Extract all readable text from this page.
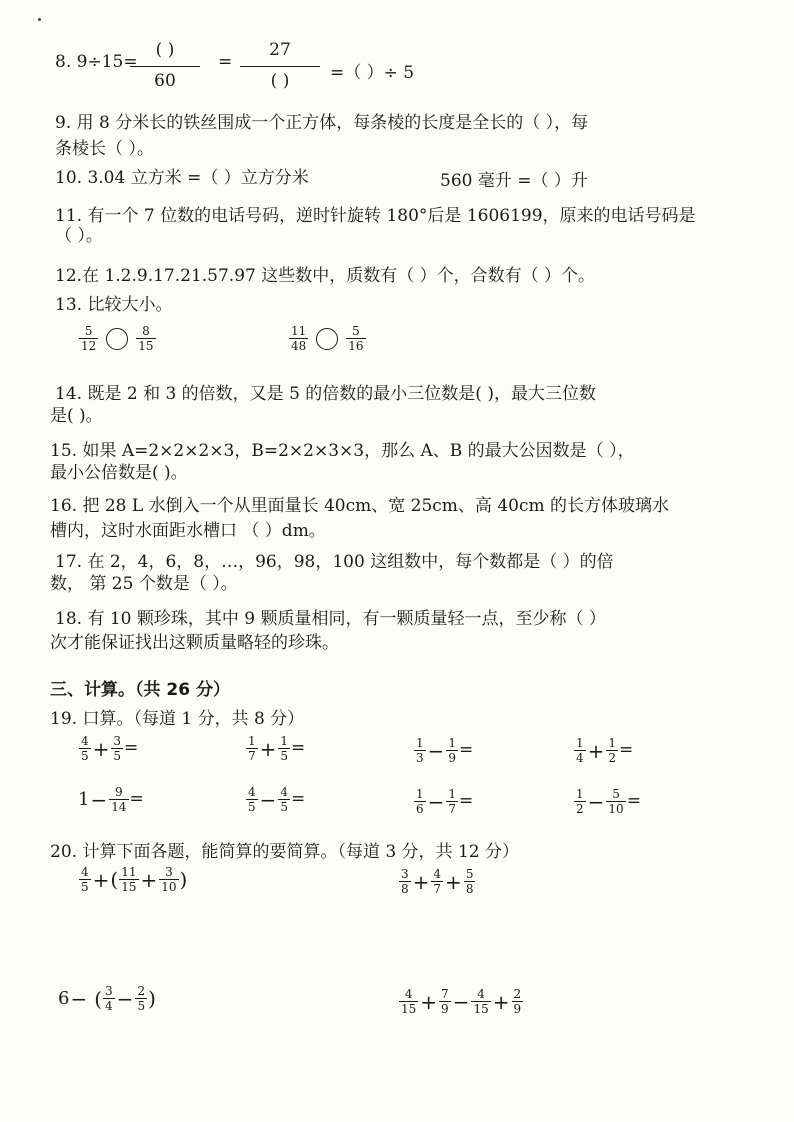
8. 9÷15=
( )
60
=
27
( )	=（ ）÷ 5
9. 用 8 分米长的铁丝围成一个正方体，每条棱的长度是全长的（ ），每
条棱长（ ）。
10. 3.04 立方米 =（ ）立方分米	560 毫升 =（ ）升
11. 有一个 7 位数的电话号码，逆时针旋转 180°后是 1606199，原来的电话号码是
（ ）。
12.在 1.2.9.17.21.57.97 这些数中，质数有（ ）个，合数有（ ）个。
13. 比较大小。
$\frac{5}{12}$	$\frac{8}{15}$	$\frac{11}{48}$	$\frac{5}{16}$
14. 既是 2 和 3 的倍数，又是 5 的倍数的最小三位数是( )，最大三位数
是( )。
15. 如果 A=2×2×2×3，B=2×2×3×3，那么 A、B 的最大公因数是（ ），
最小公倍数是( )。
16. 把 28 L 水倒入一个从里面量长 40cm、宽 25cm、高 40cm 的长方体玻璃水
槽内，这时水面距水槽口 （ ）dm。
17. 在 2，4，6，8，…，96，98，100 这组数中，每个数都是（ ）的倍
数， 第 25 个数是（ ）。
18. 有 10 颗珍珠，其中 9 颗质量相同，有一颗质量轻一点，至少称（ ）
次才能保证找出这颗质量略轻的珍珠。
三、计算。（共 26 分）
19. 口算。（每道 1 分，共 8 分）
$\frac{4}{5} + \frac{3}{5}$ =	$\frac{1}{7} + \frac{1}{5}$ =	$\frac{1}{3} - \frac{1}{9}$ =	$\frac{1}{4} + \frac{1}{2}$ =
$1- \frac{9}{14}$ =	$\frac{4}{5} - \frac{4}{5}$ =	$\frac{1}{6} - \frac{1}{7}$ =	$\frac{1}{2} - \frac{5}{10}$ =
20. 计算下面各题，能简算的要简算。（每道 3 分，共 12 分）
$\frac{4}{5}$ +( $\frac{11}{15} + \frac{3}{10}$ )	$\frac{3}{8} + \frac{4}{7} + \frac{5}{8}$
6− ( $\frac{3}{4} - \frac{2}{5}$ )	$\frac{4}{15} + \frac{7}{9} - \frac{4}{15} + \frac{2}{9}$
